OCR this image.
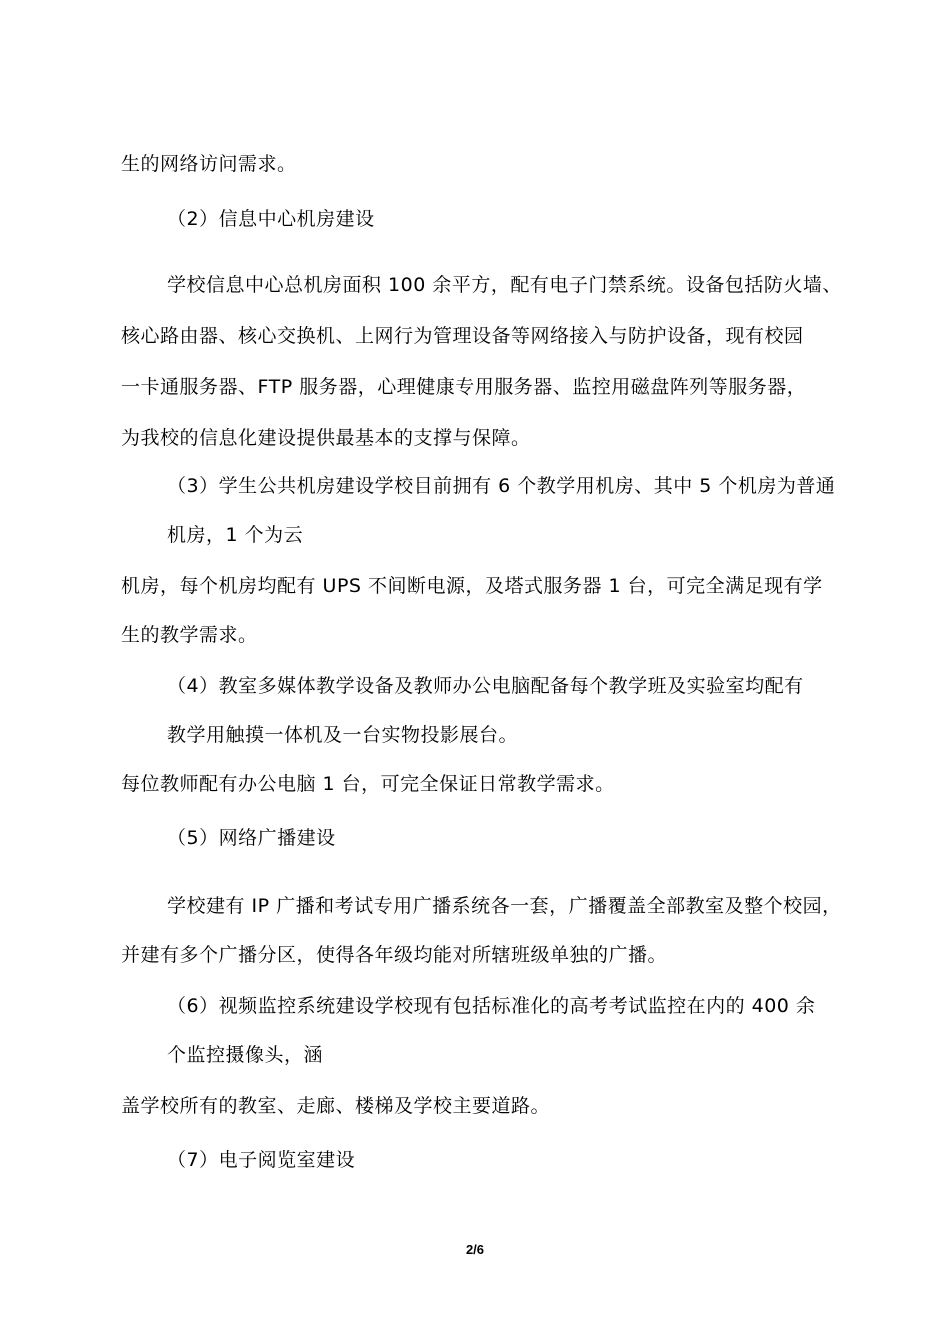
生的网络访问需求。
（2）信息中心机房建设
学校信息中心总机房面积 100 余平方，配有电子门禁系统。设备包括防火墙、
核心路由器、核心交换机、上网行为管理设备等网络接入与防护设备，现有校园
一卡通服务器、FTP 服务器，心理健康专用服务器、监控用磁盘阵列等服务器，
为我校的信息化建设提供最基本的支撑与保障。
（3）学生公共机房建设学校目前拥有 6 个教学用机房、其中 5 个机房为普通
机房，1 个为云
机房，每个机房均配有 UPS 不间断电源，及塔式服务器 1 台，可完全满足现有学
生的教学需求。
（4）教室多媒体教学设备及教师办公电脑配备每个教学班及实验室均配有
教学用触摸一体机及一台实物投影展台。
每位教师配有办公电脑 1 台，可完全保证日常教学需求。
（5）网络广播建设
学校建有 IP 广播和考试专用广播系统各一套，广播覆盖全部教室及整个校园，
并建有多个广播分区，使得各年级均能对所辖班级单独的广播。
（6）视频监控系统建设学校现有包括标准化的高考考试监控在内的 400 余
个监控摄像头，涵
盖学校所有的教室、走廊、楼梯及学校主要道路。
（7）电子阅览室建设
2/6
